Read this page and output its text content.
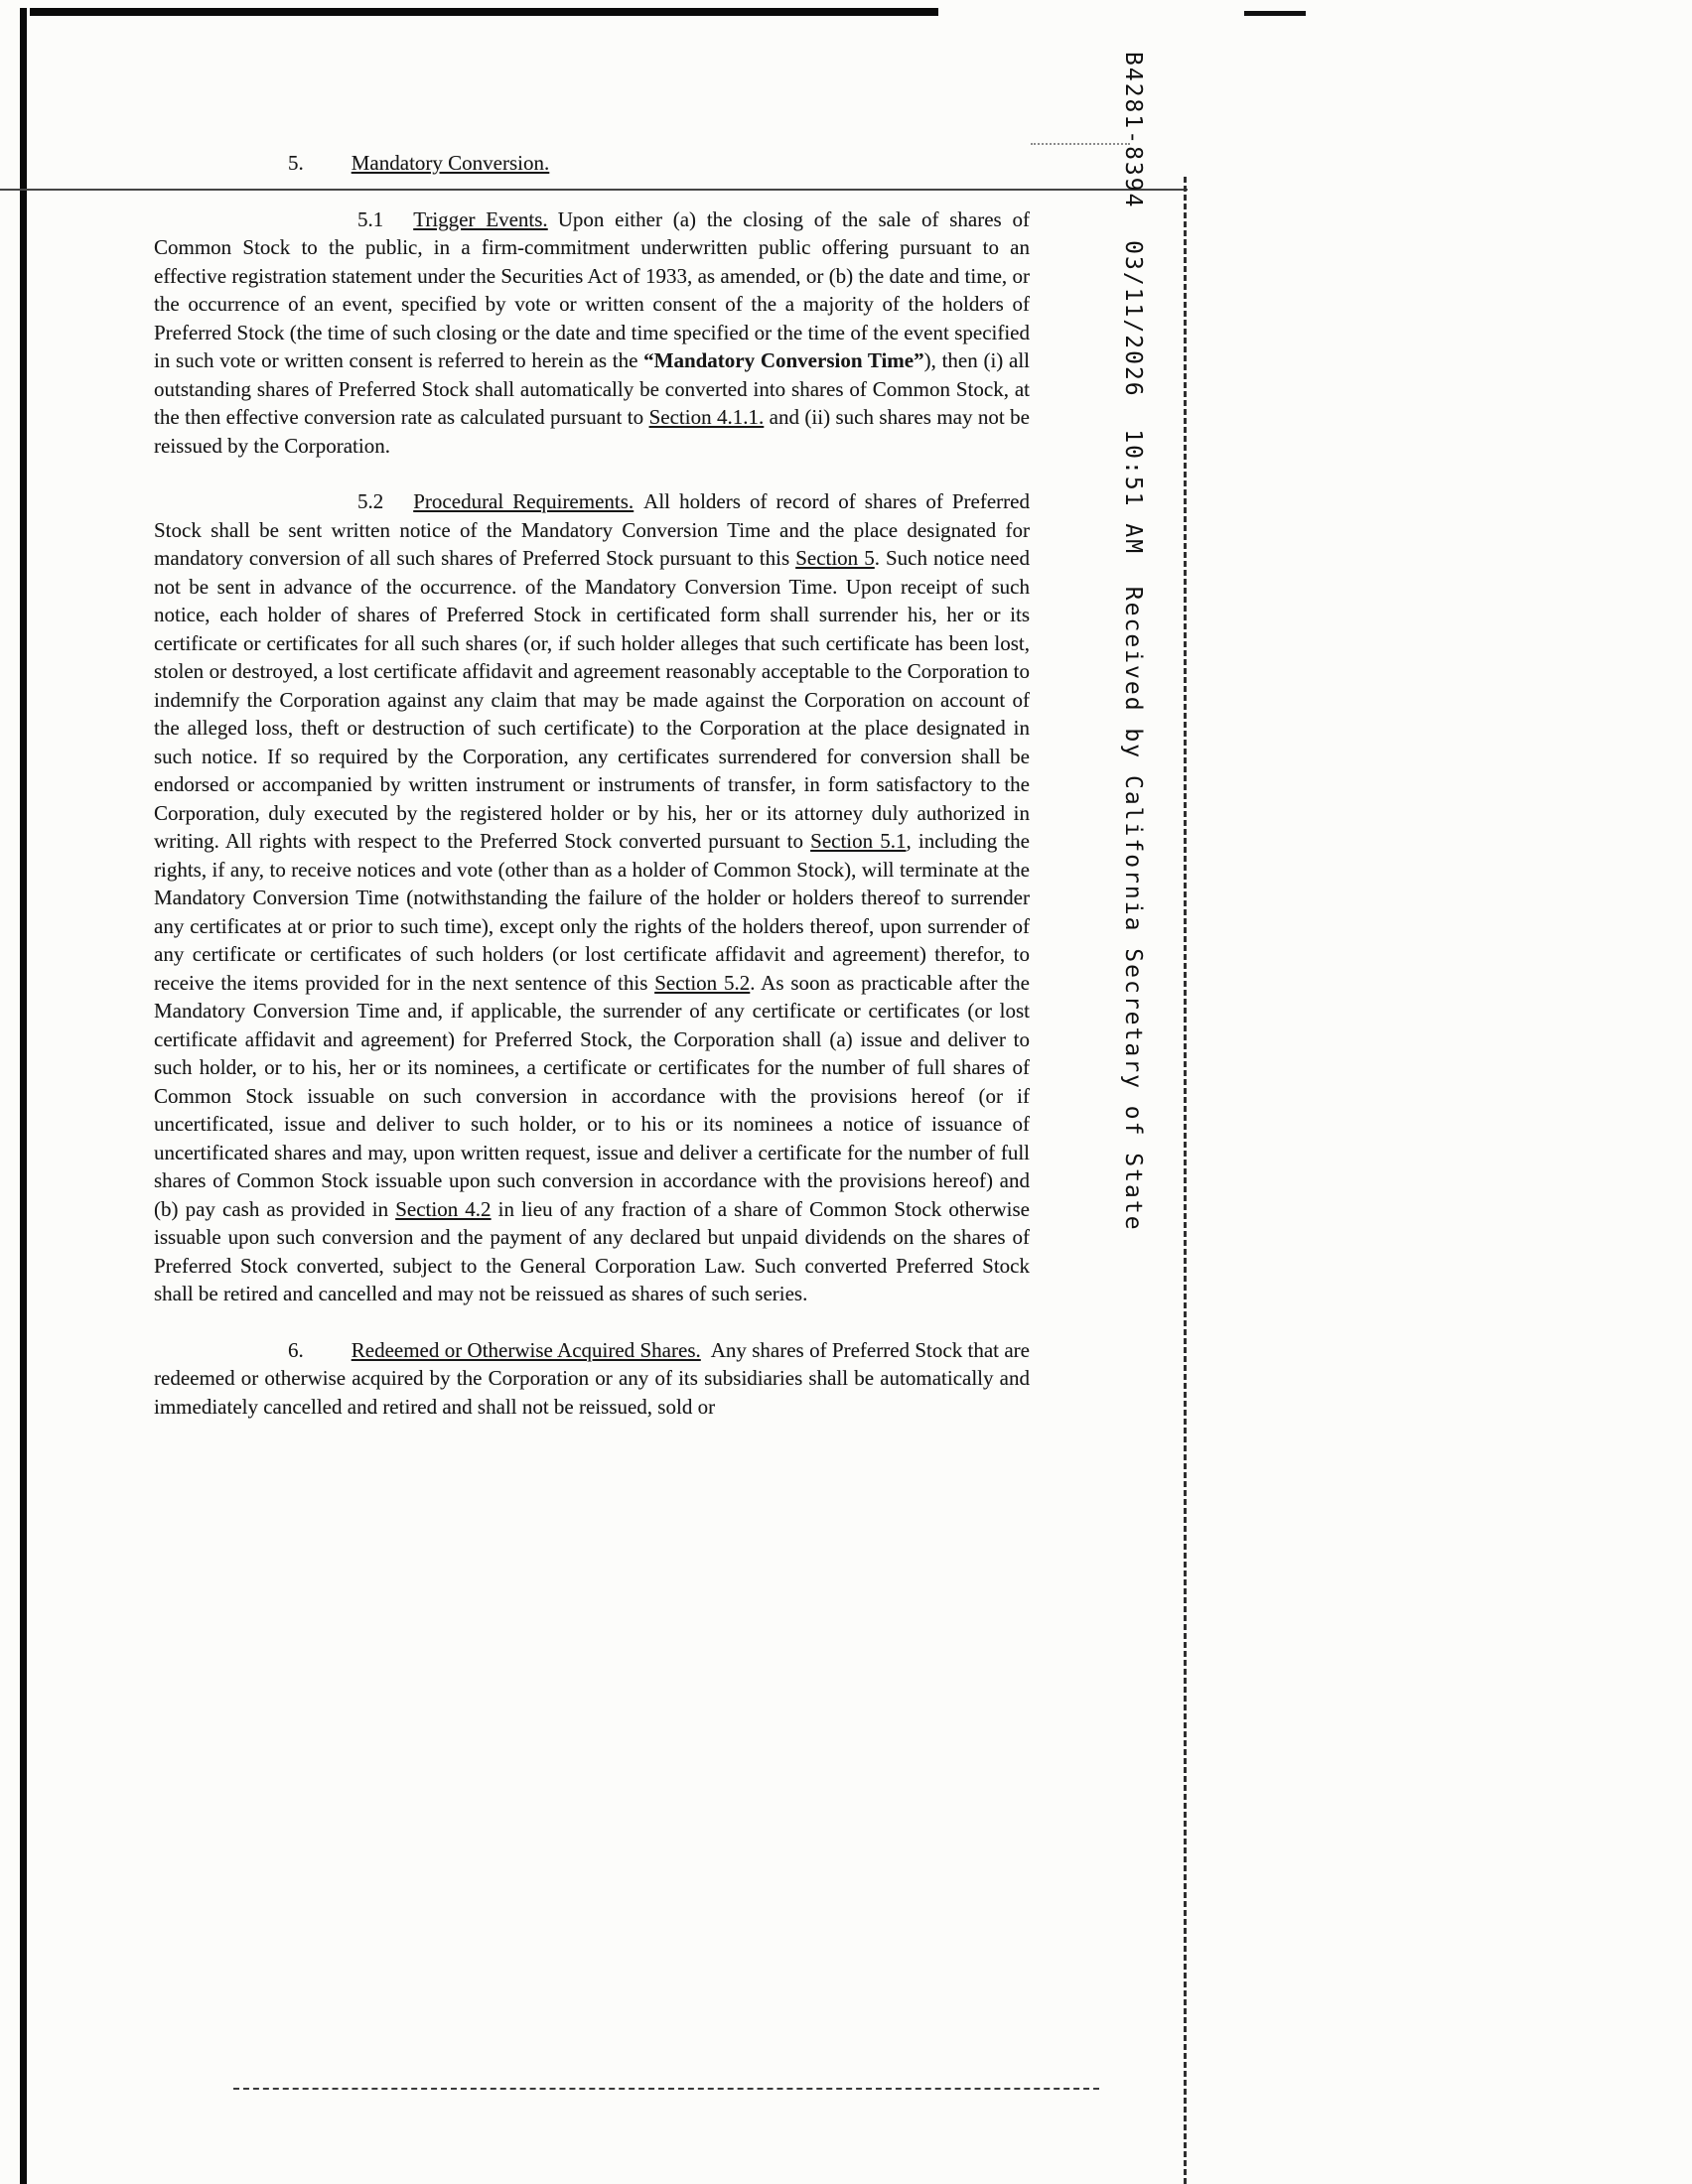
B4281-8394  03/11/2026  10:51 AM  Received by California Secretary of State

5. Mandatory Conversion.

5.1 Trigger Events. Upon either (a) the closing of the sale of shares of Common Stock to the public, in a firm-commitment underwritten public offering pursuant to an effective registration statement under the Securities Act of 1933, as amended, or (b) the date and time, or the occurrence of an event, specified by vote or written consent of the a majority of the holders of Preferred Stock (the time of such closing or the date and time specified or the time of the event specified in such vote or written consent is referred to herein as the “Mandatory Conversion Time”), then (i) all outstanding shares of Preferred Stock shall automatically be converted into shares of Common Stock, at the then effective conversion rate as calculated pursuant to Section 4.1.1. and (ii) such shares may not be reissued by the Corporation.

5.2 Procedural Requirements. All holders of record of shares of Preferred Stock shall be sent written notice of the Mandatory Conversion Time and the place designated for mandatory conversion of all such shares of Preferred Stock pursuant to this Section 5. Such notice need not be sent in advance of the occurrence. of the Mandatory Conversion Time. Upon receipt of such notice, each holder of shares of Preferred Stock in certificated form shall surrender his, her or its certificate or certificates for all such shares (or, if such holder alleges that such certificate has been lost, stolen or destroyed, a lost certificate affidavit and agreement reasonably acceptable to the Corporation to indemnify the Corporation against any claim that may be made against the Corporation on account of the alleged loss, theft or destruction of such certificate) to the Corporation at the place designated in such notice. If so required by the Corporation, any certificates surrendered for conversion shall be endorsed or accompanied by written instrument or instruments of transfer, in form satisfactory to the Corporation, duly executed by the registered holder or by his, her or its attorney duly authorized in writing. All rights with respect to the Preferred Stock converted pursuant to Section 5.1, including the rights, if any, to receive notices and vote (other than as a holder of Common Stock), will terminate at the Mandatory Conversion Time (notwithstanding the failure of the holder or holders thereof to surrender any certificates at or prior to such time), except only the rights of the holders thereof, upon surrender of any certificate or certificates of such holders (or lost certificate affidavit and agreement) therefor, to receive the items provided for in the next sentence of this Section 5.2. As soon as practicable after the Mandatory Conversion Time and, if applicable, the surrender of any certificate or certificates (or lost certificate affidavit and agreement) for Preferred Stock, the Corporation shall (a) issue and deliver to such holder, or to his, her or its nominees, a certificate or certificates for the number of full shares of Common Stock issuable on such conversion in accordance with the provisions hereof (or if uncertificated, issue and deliver to such holder, or to his or its nominees a notice of issuance of uncertificated shares and may, upon written request, issue and deliver a certificate for the number of full shares of Common Stock issuable upon such conversion in accordance with the provisions hereof) and (b) pay cash as provided in Section 4.2 in lieu of any fraction of a share of Common Stock otherwise issuable upon such conversion and the payment of any declared but unpaid dividends on the shares of Preferred Stock converted, subject to the General Corporation Law. Such converted Preferred Stock shall be retired and cancelled and may not be reissued as shares of such series.

6. Redeemed or Otherwise Acquired Shares. Any shares of Preferred Stock that are redeemed or otherwise acquired by the Corporation or any of its subsidiaries shall be automatically and immediately cancelled and retired and shall not be reissued, sold or
